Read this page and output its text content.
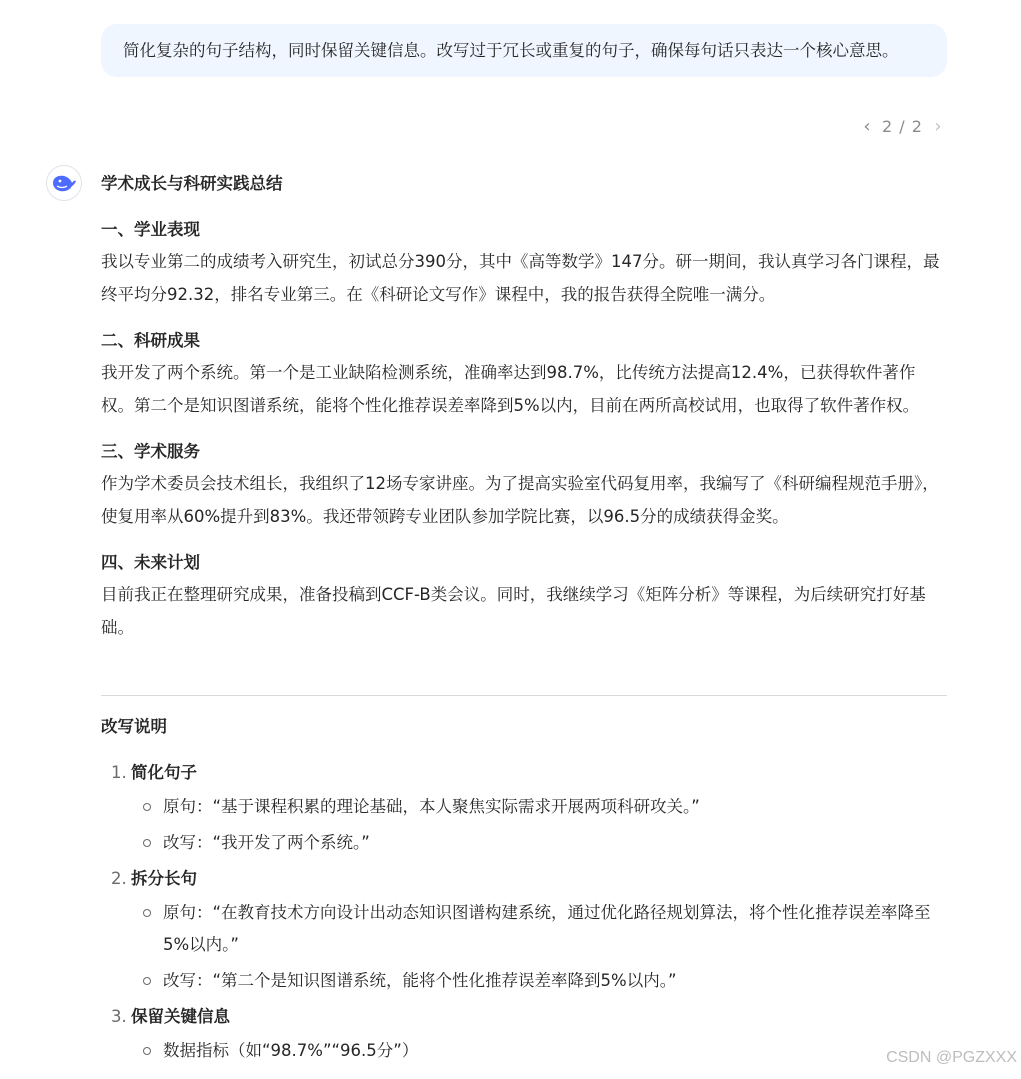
简化复杂的句子结构，同时保留关键信息。改写过于冗长或重复的句子，确保每句话只表达一个核心意思。
‹ 2 / 2 ›
学术成长与科研实践总结
一、学业表现
我以专业第二的成绩考入研究生，初试总分390分，其中《高等数学》147分。研一期间，我认真学习各门课程，最终平均分92.32，排名专业第三。在《科研论文写作》课程中，我的报告获得全院唯一满分。
二、科研成果
我开发了两个系统。第一个是工业缺陷检测系统，准确率达到98.7%，比传统方法提高12.4%，已获得软件著作权。第二个是知识图谱系统，能将个性化推荐误差率降到5%以内，目前在两所高校试用，也取得了软件著作权。
三、学术服务
作为学术委员会技术组长，我组织了12场专家讲座。为了提高实验室代码复用率，我编写了《科研编程规范手册》，使复用率从60%提升到83%。我还带领跨专业团队参加学院比赛，以96.5分的成绩获得金奖。
四、未来计划
目前我正在整理研究成果，准备投稿到CCF-B类会议。同时，我继续学习《矩阵分析》等课程，为后续研究打好基础。
改写说明
1. 简化句子
原句：“基于课程积累的理论基础，本人聚焦实际需求开展两项科研攻关。”
改写：“我开发了两个系统。”
2. 拆分长句
原句：“在教育技术方向设计出动态知识图谱构建系统，通过优化路径规划算法，将个性化推荐误差率降至5%以内。”
改写：“第二个是知识图谱系统，能将个性化推荐误差率降到5%以内。”
3. 保留关键信息
数据指标（如“98.7%”“96.5分”）	CSDN @PGZXXX
